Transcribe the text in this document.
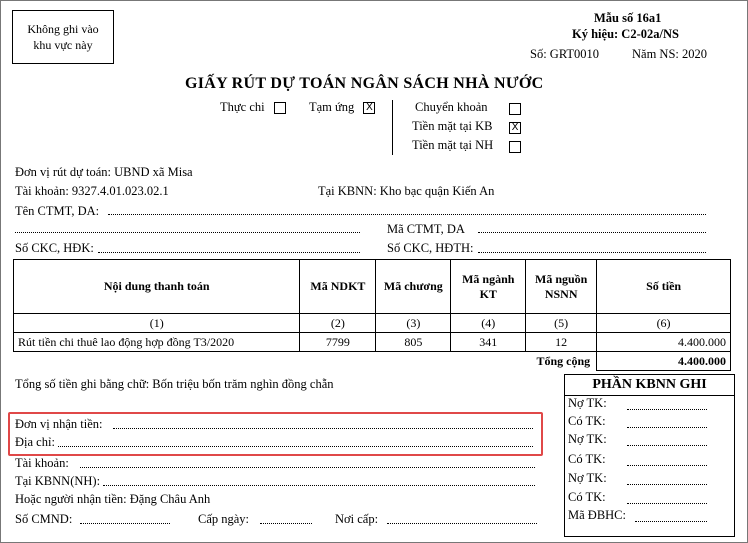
Không ghi vào
khu vực này
Mẫu số 16a1
Ký hiệu: C2-02a/NS
Số: GRT0010	Năm NS: 2020
GIẤY RÚT DỰ TOÁN NGÂN SÁCH NHÀ NƯỚC
Thực chi	Tạm ứng X	Chuyển khoản
Tiền mặt tại KB X
Tiền mặt tại NH
Đơn vị rút dự toán: UBND xã Misa
Tài khoản: 9327.4.01.023.02.1	Tại KBNN: Kho bạc quận Kiến An
Tên CTMT, DA:
Mã CTMT, DA
Số CKC, HĐK:	Số CKC, HĐTH:
Nội dung thanh toán	Mã NDKT	Mã chương	Mã ngành KT	Mã nguồn NSNN	Số tiền
(1)	(2)	(3)	(4)	(5)	(6)
Rút tiền chi thuê lao động hợp đồng T3/2020	7799	805	341	12	4.400.000
Tổng cộng					4.400.000
Tổng số tiền ghi bằng chữ: Bốn triệu bốn trăm nghìn đồng chẵn
Đơn vị nhận tiền:
Địa chỉ:
Tài khoản:
Tại KBNN(NH):
Hoặc người nhận tiền: Đặng Châu Anh
Số CMND:	Cấp ngày:	Nơi cấp:
PHẦN KBNN GHI
Nợ TK:
Có TK:
Nợ TK:
Có TK:
Nợ TK:
Có TK:
Mã ĐBHC:
